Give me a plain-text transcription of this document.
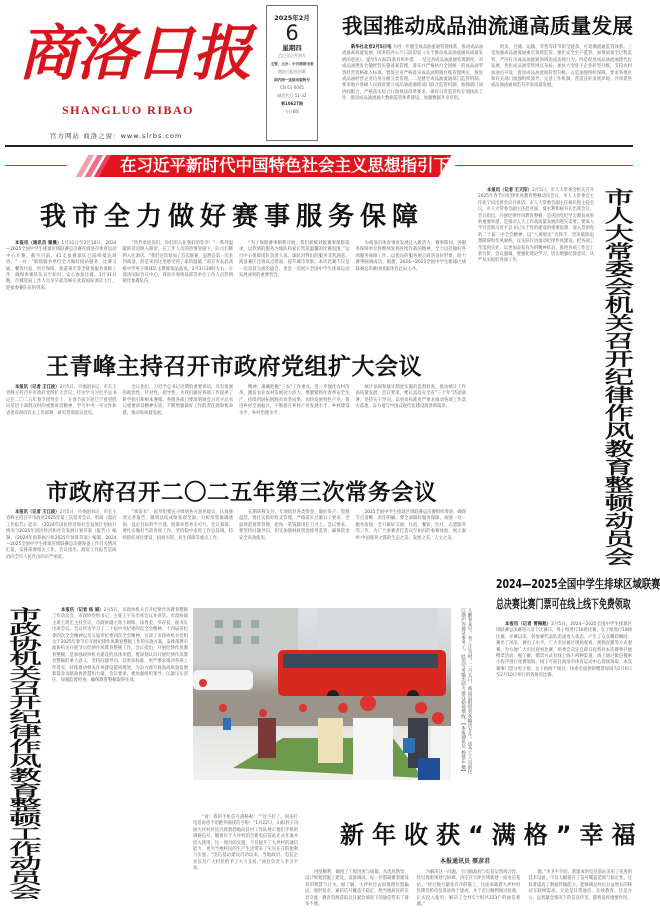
商洛日报
SHANGLUO RIBAO
官方网站 商洛之窗：www.slrbs.com
2025年2月
6
星期四
乙巳年正月初九
主管、主办：中共商洛市委
商洛日报社出版
国内统一连续出版物号
CN 61-0045
邮发代号 51-32
第10627期
今日8版
我国推动成品油流通高质量发展
新华社北京2月5日电 为进一步健全成品油流通管理体系，推动成品油流通高质量发展，国务院办公厅日前印发《关于推动成品油流通高质量发展的意见》，提出5方面21条具体举措。一是完善成品油流通管理制度，对成品油批发仓储经营实施备案管理，落实并严格执行全国统一的成品油零售经营资格准入标准。督促企业严格落实成品油购销台账管理规定，推进成品油经营企业信用分级分类管理。二是健全成品油流通部门监管机制。要求地方各级人民政府建立成品油流通跨部门联合监管机制，加强部门间协同配合，严格落实综合行政执法改革要求，做好日常监管和专项执法工作，推进成品油流通大数据监管体系建设，加强数据共享应用。
批发、仓储、运输、零售等环节的全链条、可追溯流通监管体系。三是加强成品油流通重点领域监管。强化安全生产监管，加强质量全过程监管，严厉打击成品油流通领域违法违规行为。四是促进成品油流通现代化发展，优化成品油零售网点布局，加快大型骨干企业转型升级，支持农村加油点开设，推进成品油流通转型升级。五是加强组织保障。要求各地区和有关部门加强组织领导，完善工作机制，营造良好发展环境，共同促进成品油流通规范有序高质量发展。
在习近平新时代中国特色社会主义思想指引下
我市全力做好赛事服务保障
本报讯（通讯员 秦晨）1月31日至2月10日，2024—2025全国中学生排球区域联赛总决赛在商洛市体育运动中心开赛。截至目前，41支参赛球队已陆续抵达商洛，“一对一”联络服务单位全力做好接站服务、比赛交通、餐饮住宿、医疗保障、旅游观光等全链条服务保障工作，确保参赛队伍宾至如归、安心参加比赛。1月31日晚，市城管局工作人员早早就等候在欢迎国际酒店大厅，迎接参赛队伍的到来。
“热烈欢迎你们，你们的入住我们的荣幸！”一系列温暖的话语映入眼帘，在工作人员的热情迎接下，队员们顺利入住酒店。“我们这次参加了首次联赛，虽然是第一次来到商洛，但是来到这里感受到了家的温暖。”南京市玄武高级中学男子排球队主教练张晶晶说。2月3日20时左右，在商洛国际会议中心，商洛市委统战部等单位工作人员热情接待参赛队伍。
“为了保障赛事顺利开展，我们积极对接赛事保障需求，以热情的服务为球队和家长营造温馨的比赛氛围。”运行中心保障团队负责人说。球队对我们的服务非常满意。商洛赛区还将以点带面，提升城市形象。本次比赛不仅是一次竞技交流的盛会，更是一次展示全国中学生排球运动发展成果的重要机会。
为商洛市体育事业发展注入新活力。赛事期间，各服务保障单位将继续发扬连续作战的精神，全力以赴做好各项服务保障工作，以优良的服务展示商洛良好形象，助力赛事圆满成功。据悉，2024—2025全国中学生排球区域联赛总决赛由国家体育总局主办。
王青峰主持召开市政府党组扩大会议
本报讯（记者 王江波）2月5日，市委副书记、市长王青峰主持召开市政府党组扩大会议，传达学习习近平总书记在二〇二五年春节团拜会上、在春节前夕赴辽宁看望慰问基层干部群众时的重要讲话精神，学习中央一号文件和省委省政府有关工作部署，研究贯彻落实意见。
会议指出，习近平总书记近期的重要讲话，具有很强的政治性、针对性、指导性，为我们做好各项工作提供了科学指引和根本遵循。各级各部门要深刻领会习近平总书记重要讲话精神实质，不断增强做好工作的责任感和使命感，推动高质量发展。
精神，准确把握“三农”工作重点，进一步强化农村改革，激发农业农村发展动力活力。要紧紧抓住春季安全生产，持续巩固拓展脱贫攻坚成果，加快发展特色产业，推进乡村全面振兴，不断提升乡村产业发展水平、乡村建设水平、乡村治理水平。
统计法规和统计制度实施的监督检查，推动统计工作高质量发展。会议要求，要认真落实全省“三个年”活动部署，坚持实干导向，以更高标准更严要求推动各项工作落实落地，奋力谱写中国式现代化建设商洛新篇章。
市政府召开二〇二五年第三次常务会议
本报讯（记者 王江波）2月5日，市委副书记、市长王青峰主持召开市政府2025年第三次常务会议，听取《政府工作报告》起草、《2024年国民经济和社会发展计划执行情况与2025年国民经济和社会发展计划草案（报告）》编制、《2024年预算执行和2025年预算草案》编制、2024—2025全国中学生排球区域联赛总决赛筹备工作有关情况汇报，安排部署相关工作。会议指出，政府工作报告是政府向全市人民作出的庄严承诺。
“承诺书”，起草组要充分吸纳各方意见建议，认真修改完善报告，做到总结成绩客观全面、分析形势准确透彻、设定目标科学合理、政策举措务实可行。会议强调，要扎实做好当前各项工作，坚持稳中求进工作总基调，持续抓好项目建设、招商引资、民生保障等重点工作。
长期转移支付，专项债券各类资金，做好资产、资源盘活。要扎实抓好收支管理，严格落实过紧日子要求，全面规范预算管理，把每一笔钱都用在刀刃上。会议要求，要坚持问题导向，切实加强财政资金使用监管，确保资金安全高效使用。
2025全国中学生排球区域联赛总决赛组织筹备，确保节点清晰、责任明确。要全面做好服务保障，加强一对一服务衔接，全力做好交通、住宿、餐饮、医疗、志愿服务等工作，为广大参赛者打造宾至如归的参赛体验，展示秦岭·中国康养之都的生态之美、发展之美、人文之美。
本报讯（记者 王天阳）2月5日，市人大常委会机关召开2025年春节后纪律作风教育整顿动员会议。市人大常委会主任张宁田出席会议并讲话。市人大常委会副主任杨长根主持会议。市人大常委会副主任赵亚斌、夏水利和秘书长出席会议。会议指出，开展纪律作风教育整顿，是巩固党纪学习教育成果的重要举措，是推动人大工作高质量发展的现实需要。要深入学习贯彻习近平总书记关于党的建设的重要思想，深入贯彻党的二十届三中全会精神，以“八项规定”为抓手，坚决破除思想障碍和作风顽疾，以实际行动推动纪律作风建设，把各项工作落到实处，以更加奋发有为的精神状态，推进各项工作迈上新台阶。会议强调，要强化理论学习，切实增强纪律意识，从严从实抓好各项工作。	市人大常委会机关召开纪律作风教育整顿动员会
市政协机关召开纪律作风教育整顿工作动员会	本报讯（记者 杨 娟）2月5日，市政协机关召开纪律作风教育整顿工作动员会。市政协党组书记、主席王宇东出席会议并讲话。市政协副主席王周宏主持会议，市政协副主席王朝辉、徐秀金、罗存良，秘书长出席会议。会议传达学习了二十届中央纪委四次全会精神、十四届省纪委四次全会精神以及五届市纪委四次全会精神，宣读了市政协机关党组关于2025年春节后开展纪律作风教育整顿工作的实施方案，安排部署市政协机关开展节后纪律作风教育整顿工作。会议指出，开展纪律作风教育整顿，是加强政协机关建设的具体举措。要深刻认识开展纪律作风教育整顿的重大意义，坚持问题导向，以更高标准、更严要求推动各项工作落实，持续推动机关作风建设提质增效，为奋力谱写商洛高质量发展新篇章贡献政协智慧和力量。会议要求，要加强组织领导，压紧压实责任，加强监督检查，确保教育整顿取得实效。	人勤春来早，务工正当时。二月五日，商南县组织劳务输出专车，送务工人员前往江浙沪等地从事务工。此次劳务输出助力群众稳岗增收。【本报通讯员 杨建东 摄】
2024—2025全国中学生排球区域联赛
总决赛比赛门票可在线上线下免费领取
本报讯（记者 贾梅航）2月5日，2024—2025全国中学生排球区域联赛总决赛进入首个比赛日，男子组进行10场比赛，女子组进行18场比赛。开赛以来，各参赛代表队迅速进入状态，产生了众多精彩瞬间，赛出了风采，赛出了水平。广大市民通过现场观看、视频直播等方式观赛。为方便广大市民观看比赛，组委会决定自即日起将对本次赛事开展赠票活动。据了解，赠票方式有线上线下两种渠道，线上通过微信搜索小程序进行免费领取，线下可前往商洛市体育运动中心现场领取。本次赛事门票分男子组、女子组两个项目，执委会提供的赠票时间为2月6日至2月10日举行的各场次比赛。
“看！我的手机信号满格啦！”“这下好了，回来打电话再也不用跑外面找信号啦！”1月22日，山阳县王闫镇大坪村村民兴致勃勃地向驻村工作队展示他们手机的满格信号。随着位于大坪村的全新电信基站正式开通并投入使用，这一项目的实施，不仅提升了大坪村的通信能力，更为当地村民的生产生活带来了实实在在的便利与实惠。“电信基站建设启动以来，当地政府、电信企业以及广大村民给予了大力支持。”项目负责人李卫平说。
新年收获“满格”幸福
本报通讯员 蔡彦君
进度顺利，确保了工程进度与质量。从选址勘察、设计规划到施工建设、设备调试，每一步都凝聚着建设者的智慧与汗水。据了解，大坪村过去因地理位置偏远、地形复杂，通信信号覆盖不稳定，给当地居民的信息交流、教育资源获取以及紧急情况下的通信带来了诸多不便。
为解决这一问题，王闫镇政府与电信运营商合作，经过周密规划与协调，决定在大坪区域新建一座电信基站。“经过数月紧张有序的施工，这座承载着大坪村村民期待的电信基站终于建成，并于近日顺利通过验收，正式投入使用，解决了全村5个组共223户的通信难题。”
题。”李卫平介绍，新建成的电信基站采用了先进的技术设备，不仅大幅提升了信号覆盖范围与稳定性，还显著提高了数据传输能力，能够满足村民日益增长的移动互联网需求。无论是日常通信、在线教育，还是办公、远程紧急情况下的信息传送，都将发挥重要作用。
